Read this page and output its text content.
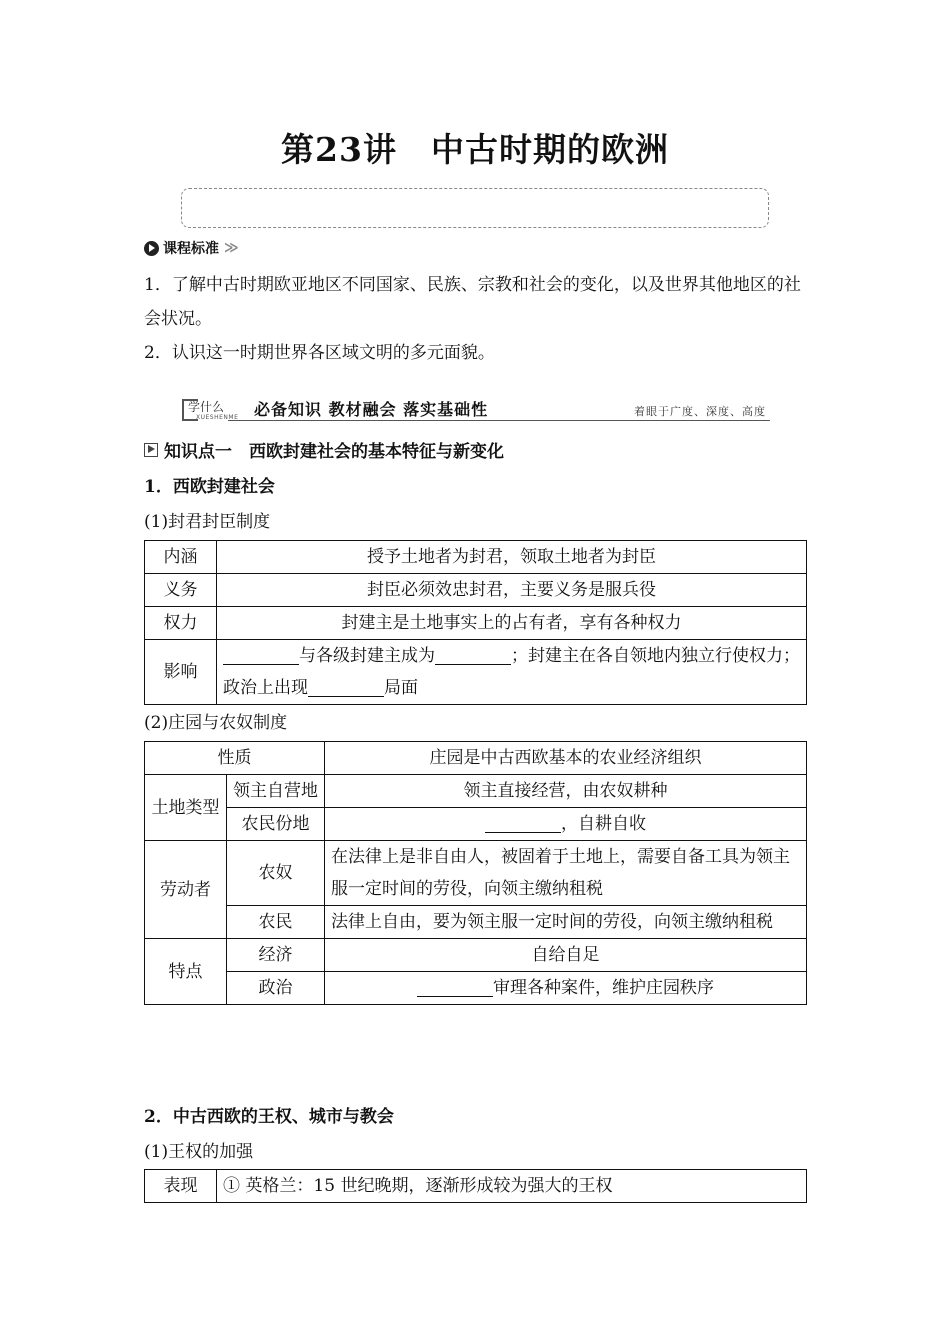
第23讲　中古时期的欧洲
课程标准 ≫
1．了解中古时期欧亚地区不同国家、民族、宗教和社会的变化，以及世界其他地区的社会状况。
2．认识这一时期世界各区域文明的多元面貌。
学什么
XUESHENME 必备知识 教材融会 落实基础性	着眼于广度、深度、高度
知识点一　西欧封建社会的基本特征与新变化
1．西欧封建社会
(1)封君封臣制度
内涵	授予土地者为封君，领取土地者为封臣
义务	封臣必须效忠封君，主要义务是服兵役
权力	封建主是土地事实上的占有者，享有各种权力
影响	与各级封建主成为 ；封建主在各自领地内独立行使权力；政治上出现 局面
(2)庄园与农奴制度
性质		庄园是中古西欧基本的农业经济组织
土地类型	领主自营地	领主直接经营，由农奴耕种
	农民份地	，自耕自收
劳动者	农奴	在法律上是非自由人，被固着于土地上，需要自备工具为领主服一定时间的劳役，向领主缴纳租税
	农民	法律上自由，要为领主服一定时间的劳役，向领主缴纳租税
特点	经济	自给自足
	政治	审理各种案件，维护庄园秩序
2．中古西欧的王权、城市与教会
(1)王权的加强
表现	① 英格兰：15 世纪晚期，逐渐形成较为强大的王权
